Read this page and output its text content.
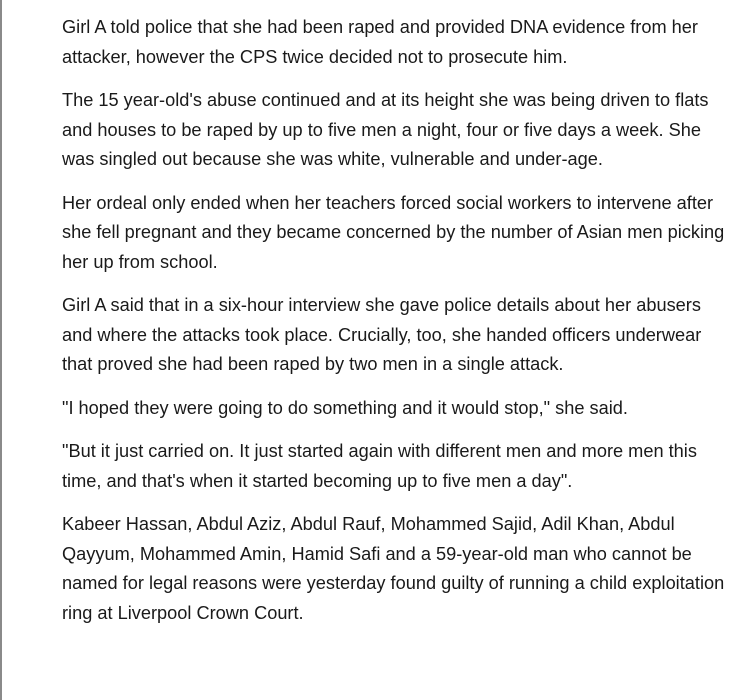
Girl A told police that she had been raped and provided DNA evidence from her attacker, however the CPS twice decided not to prosecute him.

The 15 year-old's abuse continued and at its height she was being driven to flats and houses to be raped by up to five men a night, four or five days a week. She was singled out because she was white, vulnerable and under-age.

Her ordeal only ended when her teachers forced social workers to intervene after she fell pregnant and they became concerned by the number of Asian men picking her up from school.

Girl A said that in a six-hour interview she gave police details about her abusers and where the attacks took place. Crucially, too, she handed officers underwear that proved she had been raped by two men in a single attack.

"I hoped they were going to do something and it would stop," she said.

"But it just carried on. It just started again with different men and more men this time, and that's when it started becoming up to five men a day".

Kabeer Hassan, Abdul Aziz, Abdul Rauf, Mohammed Sajid, Adil Khan, Abdul Qayyum, Mohammed Amin, Hamid Safi and a 59-year-old man who cannot be named for legal reasons were yesterday found guilty of running a child exploitation ring at Liverpool Crown Court.
